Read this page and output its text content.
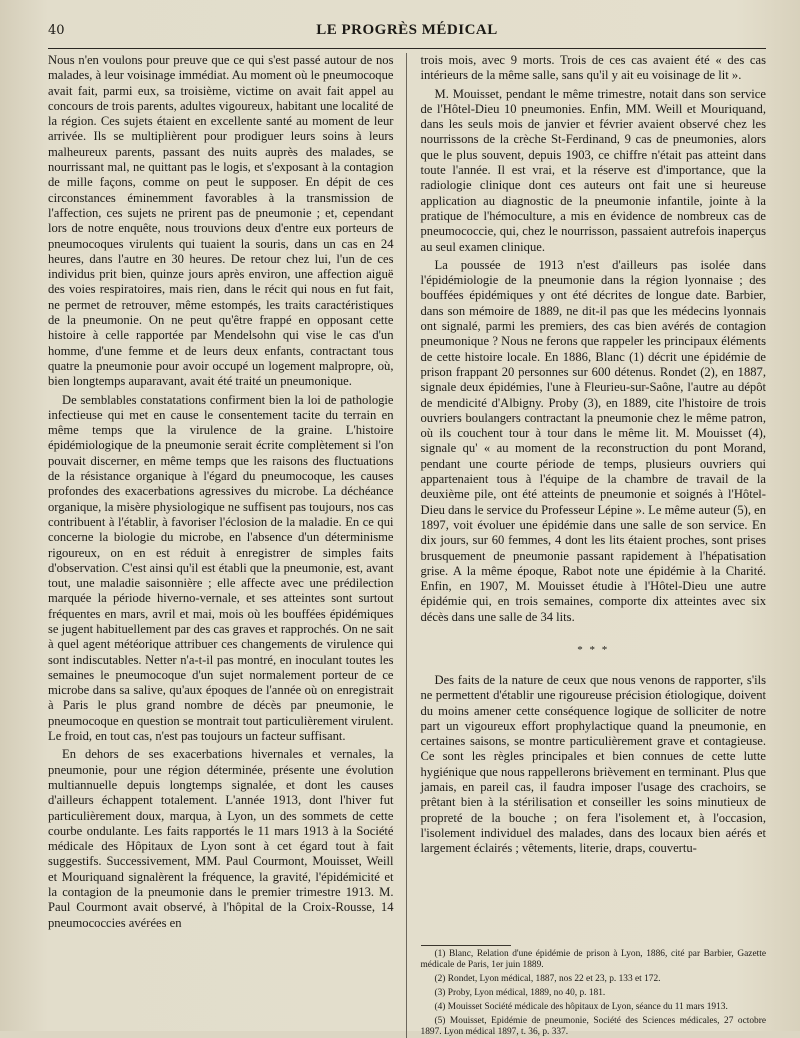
40	LE PROGRÈS MÉDICAL

Nous n'en voulons pour preuve que ce qui s'est passé autour de nos malades, à leur voisinage immédiat. Au moment où le pneumocoque avait fait, parmi eux, sa troisième, victime on avait fait appel au concours de trois parents, adultes vigoureux, habitant une localité de la région. Ces sujets étaient en excellente santé au moment de leur arrivée. Ils se multiplièrent pour prodiguer leurs soins à leurs malheureux parents, passant des nuits auprès des malades, se nourrissant mal, ne quittant pas le logis, et s'exposant à la contagion de mille façons, comme on peut le supposer. En dépit de ces circonstances éminemment favorables à la transmission de l'affection, ces sujets ne prirent pas de pneumonie ; et, cependant lors de notre enquête, nous trouvions deux d'entre eux porteurs de pneumocoques virulents qui tuaient la souris, dans un cas en 24 heures, dans l'autre en 30 heures. De retour chez lui, l'un de ces individus prit bien, quinze jours après environ, une affection aiguë des voies respiratoires, mais rien, dans le récit qui nous en fut fait, ne permet de retrouver, même estompés, les traits caractéristiques de la pneumonie. On ne peut qu'être frappé en opposant cette histoire à celle rapportée par Mendelsohn qui vise le cas d'un homme, d'une femme et de leurs deux enfants, contractant tous quatre la pneumonie pour avoir occupé un logement malpropre, où, bien longtemps auparavant, avait été traité un pneumonique.

De semblables constatations confirment bien la loi de pathologie infectieuse qui met en cause le consentement tacite du terrain en même temps que la virulence de la graine. L'histoire épidémiologique de la pneumonie serait écrite complètement si l'on pouvait discerner, en même temps que les raisons des fluctuations de la résistance organique à l'égard du pneumocoque, les causes profondes des exacerbations agressives du microbe. La déchéance organique, la misère physiologique ne suffisent pas toujours, nos cas contribuent à l'établir, à favoriser l'éclosion de la maladie. En ce qui concerne la biologie du microbe, en l'absence d'un déterminisme rigoureux, on en est réduit à enregistrer de simples faits d'observation. C'est ainsi qu'il est établi que la pneumonie, est, avant tout, une maladie saisonnière ; elle affecte avec une prédilection marquée la période hiverno-vernale, et ses atteintes sont surtout fréquentes en mars, avril et mai, mois où les bouffées épidémiques se jugent habituellement par des cas graves et rapprochés. On ne sait à quel agent météorique attribuer ces changements de virulence qui sont indiscutables. Netter n'a-t-il pas montré, en inoculant toutes les semaines le pneumocoque d'un sujet normalement porteur de ce microbe dans sa salive, qu'aux époques de l'année où on enregistrait à Paris le plus grand nombre de décès par pneumonie, le pneumocoque en question se montrait tout particulièrement virulent. Le froid, en tout cas, n'est pas toujours un facteur suffisant.

En dehors de ses exacerbations hivernales et vernales, la pneumonie, pour une région déterminée, présente une évolution multiannuelle depuis longtemps signalée, et dont les causes d'ailleurs échappent totalement. L'année 1913, dont l'hiver fut particulièrement doux, marqua, à Lyon, un des sommets de cette courbe ondulante. Les faits rapportés le 11 mars 1913 à la Société médicale des Hôpitaux de Lyon sont à cet égard tout à fait suggestifs. Successivement, MM. Paul Courmont, Mouisset, Weill et Mouriquand signalèrent la fréquence, la gravité, l'épidémicité et la contagion de la pneumonie dans le premier trimestre 1913. M. Paul Courmont avait observé, à l'hôpital de la Croix-Rousse, 14 pneumococcies avérées en

trois mois, avec 9 morts. Trois de ces cas avaient été « des cas intérieurs de la même salle, sans qu'il y ait eu voisinage de lit ».

M. Mouisset, pendant le même trimestre, notait dans son service de l'Hôtel-Dieu 10 pneumonies. Enfin, MM. Weill et Mouriquand, dans les seuls mois de janvier et février avaient observé chez les nourrissons de la crèche St-Ferdinand, 9 cas de pneumonies, alors que le plus souvent, depuis 1903, ce chiffre n'était pas atteint dans toute l'année. Il est vrai, et la réserve est d'importance, que la radiologie clinique dont ces auteurs ont fait une si heureuse application au diagnostic de la pneumonie infantile, jointe à la pratique de l'hémoculture, a mis en évidence de nombreux cas de pneumococcie, qui, chez le nourrisson, passaient autrefois inaperçus au seul examen clinique.

La poussée de 1913 n'est d'ailleurs pas isolée dans l'épidémiologie de la pneumonie dans la région lyonnaise ; des bouffées épidémiques y ont été décrites de longue date. Barbier, dans son mémoire de 1889, ne dit-il pas que les médecins lyonnais ont signalé, parmi les premiers, des cas bien avérés de contagion pneumonique ? Nous ne ferons que rappeler les principaux éléments de cette histoire locale. En 1886, Blanc (1) décrit une épidémie de prison frappant 20 personnes sur 600 détenus. Rondet (2), en 1887, signale deux épidémies, l'une à Fleurieu-sur-Saône, l'autre au dépôt de mendicité d'Albigny. Proby (3), en 1889, cite l'histoire de trois ouvriers boulangers contractant la pneumonie chez le même patron, où ils couchent tour à tour dans le même lit. M. Mouisset (4), signale qu' « au moment de la reconstruction du pont Morand, pendant une courte période de temps, plusieurs ouvriers qui appartenaient tous à l'équipe de la chambre de travail de la deuxième pile, ont été atteints de pneumonie et soignés à l'Hôtel-Dieu dans le service du Professeur Lépine ». Le même auteur (5), en 1897, voit évoluer une épidémie dans une salle de son service. En dix jours, sur 60 femmes, 4 dont les lits étaient proches, sont prises brusquement de pneumonie passant rapidement à l'hépatisation grise. A la même époque, Rabot note une épidémie à la Charité. Enfin, en 1907, M. Mouisset étudie à l'Hôtel-Dieu une autre épidémie qui, en trois semaines, comporte dix atteintes avec six décès dans une salle de 34 lits.

* * *

Des faits de la nature de ceux que nous venons de rapporter, s'ils ne permettent d'établir une rigoureuse précision étiologique, doivent du moins amener cette conséquence logique de solliciter de notre part un vigoureux effort prophylactique quand la pneumonie, en certaines saisons, se montre particulièrement grave et contagieuse. Ce sont les règles principales et bien connues de cette lutte hygiénique que nous rappellerons brièvement en terminant. Plus que jamais, en pareil cas, il faudra imposer l'usage des crachoirs, se prêtant bien à la stérilisation et conseiller les soins minutieux de propreté de la bouche ; on fera l'isolement et, à l'occasion, l'isolement individuel des malades, dans des locaux bien aérés et largement éclairés ; vêtements, literie, draps, couvertu-

(1) Blanc, Relation d'une épidémie de prison à Lyon, 1886, cité par Barbier, Gazette médicale de Paris, 1er juin 1889.

(2) Rondet, Lyon médical, 1887, nos 22 et 23, p. 133 et 172.

(3) Proby, Lyon médical, 1889, no 40, p. 181.

(4) Mouisset Société médicale des hôpitaux de Lyon, séance du 11 mars 1913.

(5) Mouisset, Epidémie de pneumonie, Société des Sciences médicales, 27 octobre 1897. Lyon médical 1897, t. 36, p. 337.
